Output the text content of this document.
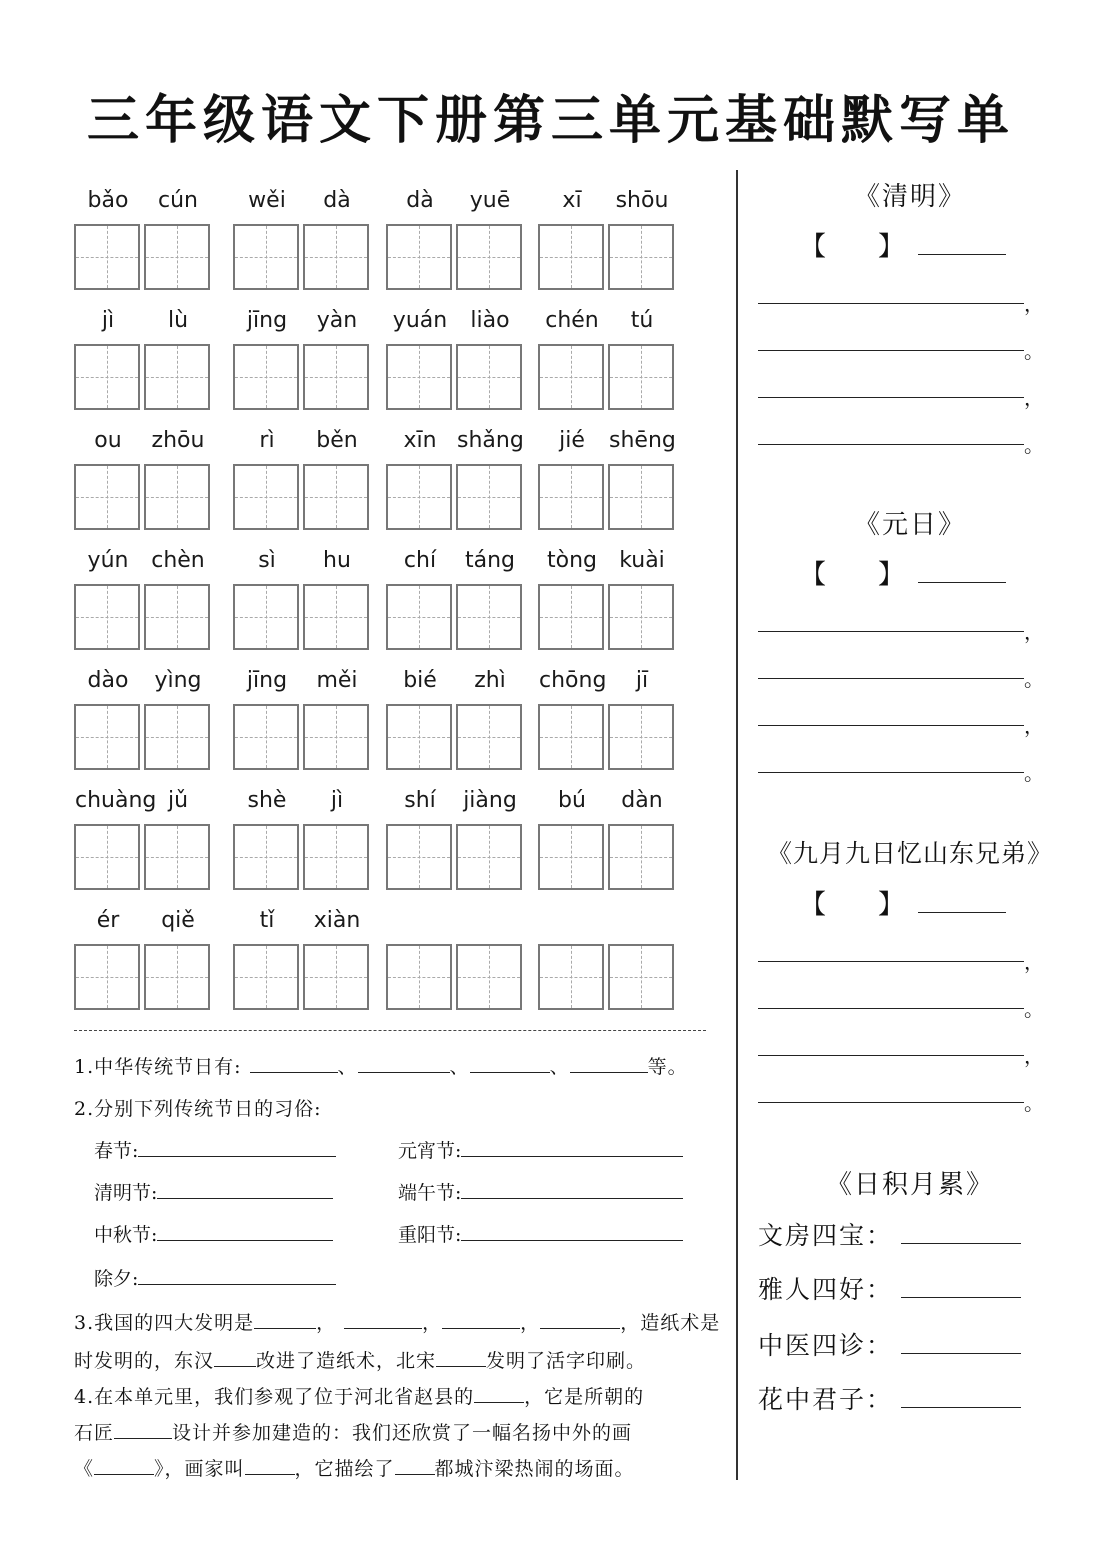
三年级语文下册第三单元基础默写单
bǎo	cún	wěi	dà	dà	yuē	xī	shōu
jì	lù	jīng	yàn	yuán	liào	chén	tú
ou	zhōu	rì	běn	xīn shǎng	jié	shēng
yún	chèn	sì	hu	chí	táng	tòng	kuài
dào	yìng	jīng	měi	bié	zhì	chōng	jī
chuàng jǔ	shè	jì	shí	jiàng	bú	dàn
ér	qiě	tǐ	xiàn
1.中华传统节日有:	、	、	、	等。
2.分别下列传统节日的习俗:
春节:	元宵节:
清明节:	端午节:
中秋节:	重阳节:
除夕:
3.我国的四大发明是	，	，	，	，造纸术是
时发明的，东汉 改进了造纸术，北宋	发明了活字印刷。
4.在本单元里，我们参观了位于河北省赵县的	，它是所朝的
石匠	设计并参加建造的：我们还欣赏了一幅名扬中外的画
《	》，画家叫	，它描绘了 都城汴梁热闹的场面。
《清明》
【　　】
，
。
，
。
《元日》
【　　】
，
。
，
。
《九月九日忆山东兄弟》
【　　】
，
。
，
。
《日积月累》
文房四宝：
雅人四好：
中医四诊：
花中君子：
